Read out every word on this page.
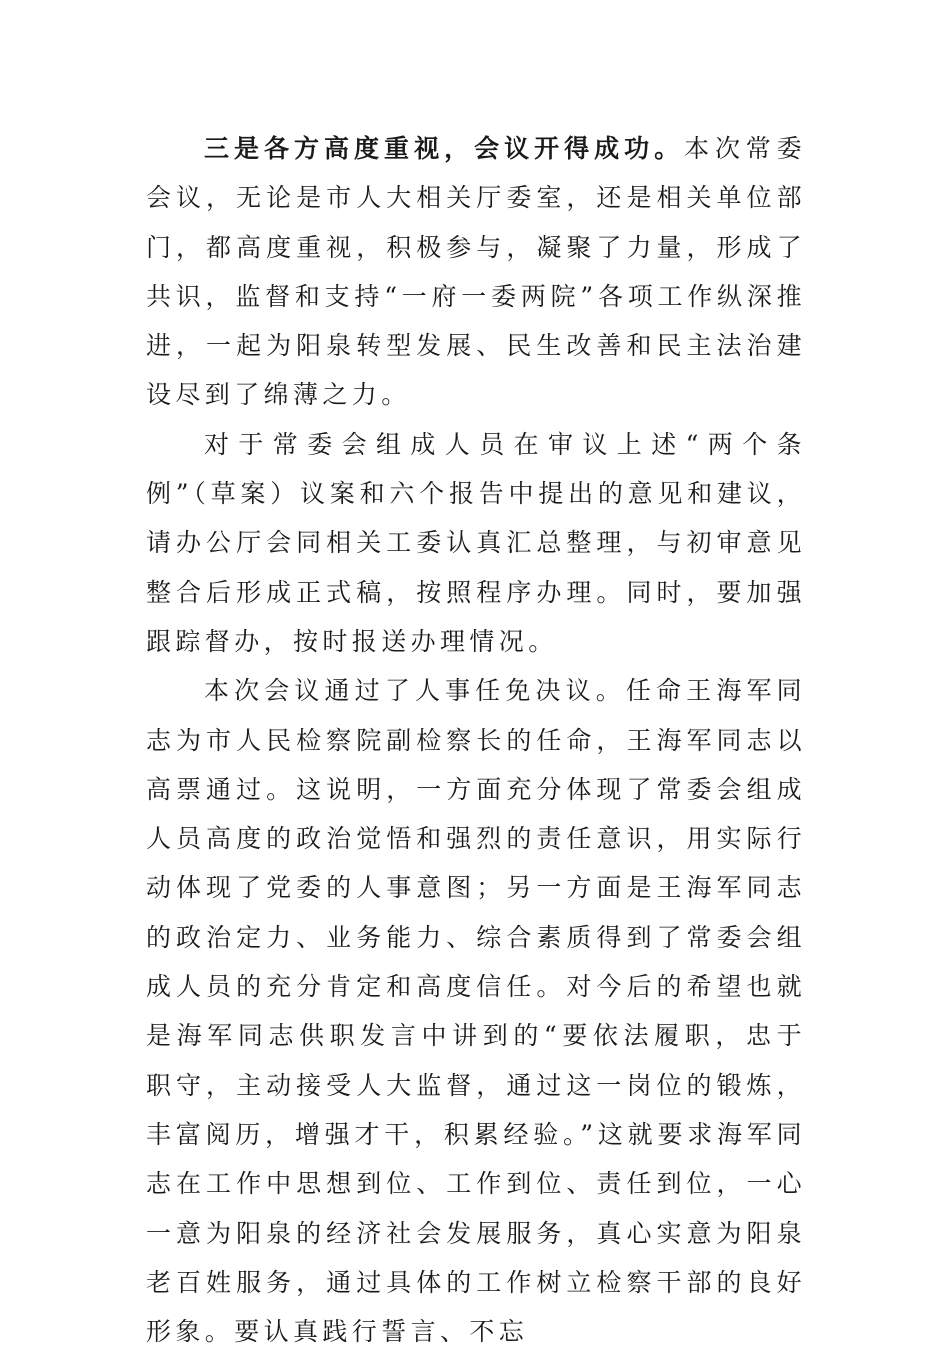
三是各方高度重视，会议开得成功。本次常委会议，无论是市人大相关厅委室，还是相关单位部门，都高度重视，积极参与，凝聚了力量，形成了共识，监督和支持“一府一委两院”各项工作纵深推进，一起为阳泉转型发展、民生改善和民主法治建设尽到了绵薄之力。

对于常委会组成人员在审议上述“两个条例”（草案）议案和六个报告中提出的意见和建议，请办公厅会同相关工委认真汇总整理，与初审意见整合后形成正式稿，按照程序办理。同时，要加强跟踪督办，按时报送办理情况。

本次会议通过了人事任免决议。任命王海军同志为市人民检察院副检察长的任命，王海军同志以高票通过。这说明，一方面充分体现了常委会组成人员高度的政治觉悟和强烈的责任意识，用实际行动体现了党委的人事意图；另一方面是王海军同志的政治定力、业务能力、综合素质得到了常委会组成人员的充分肯定和高度信任。对今后的希望也就是海军同志供职发言中讲到的“要依法履职，忠于职守，主动接受人大监督，通过这一岗位的锻炼，丰富阅历，增强才干，积累经验。”这就要求海军同志在工作中思想到位、工作到位、责任到位，一心一意为阳泉的经济社会发展服务，真心实意为阳泉老百姓服务，通过具体的工作树立检察干部的良好形象。要认真践行誓言、不忘
